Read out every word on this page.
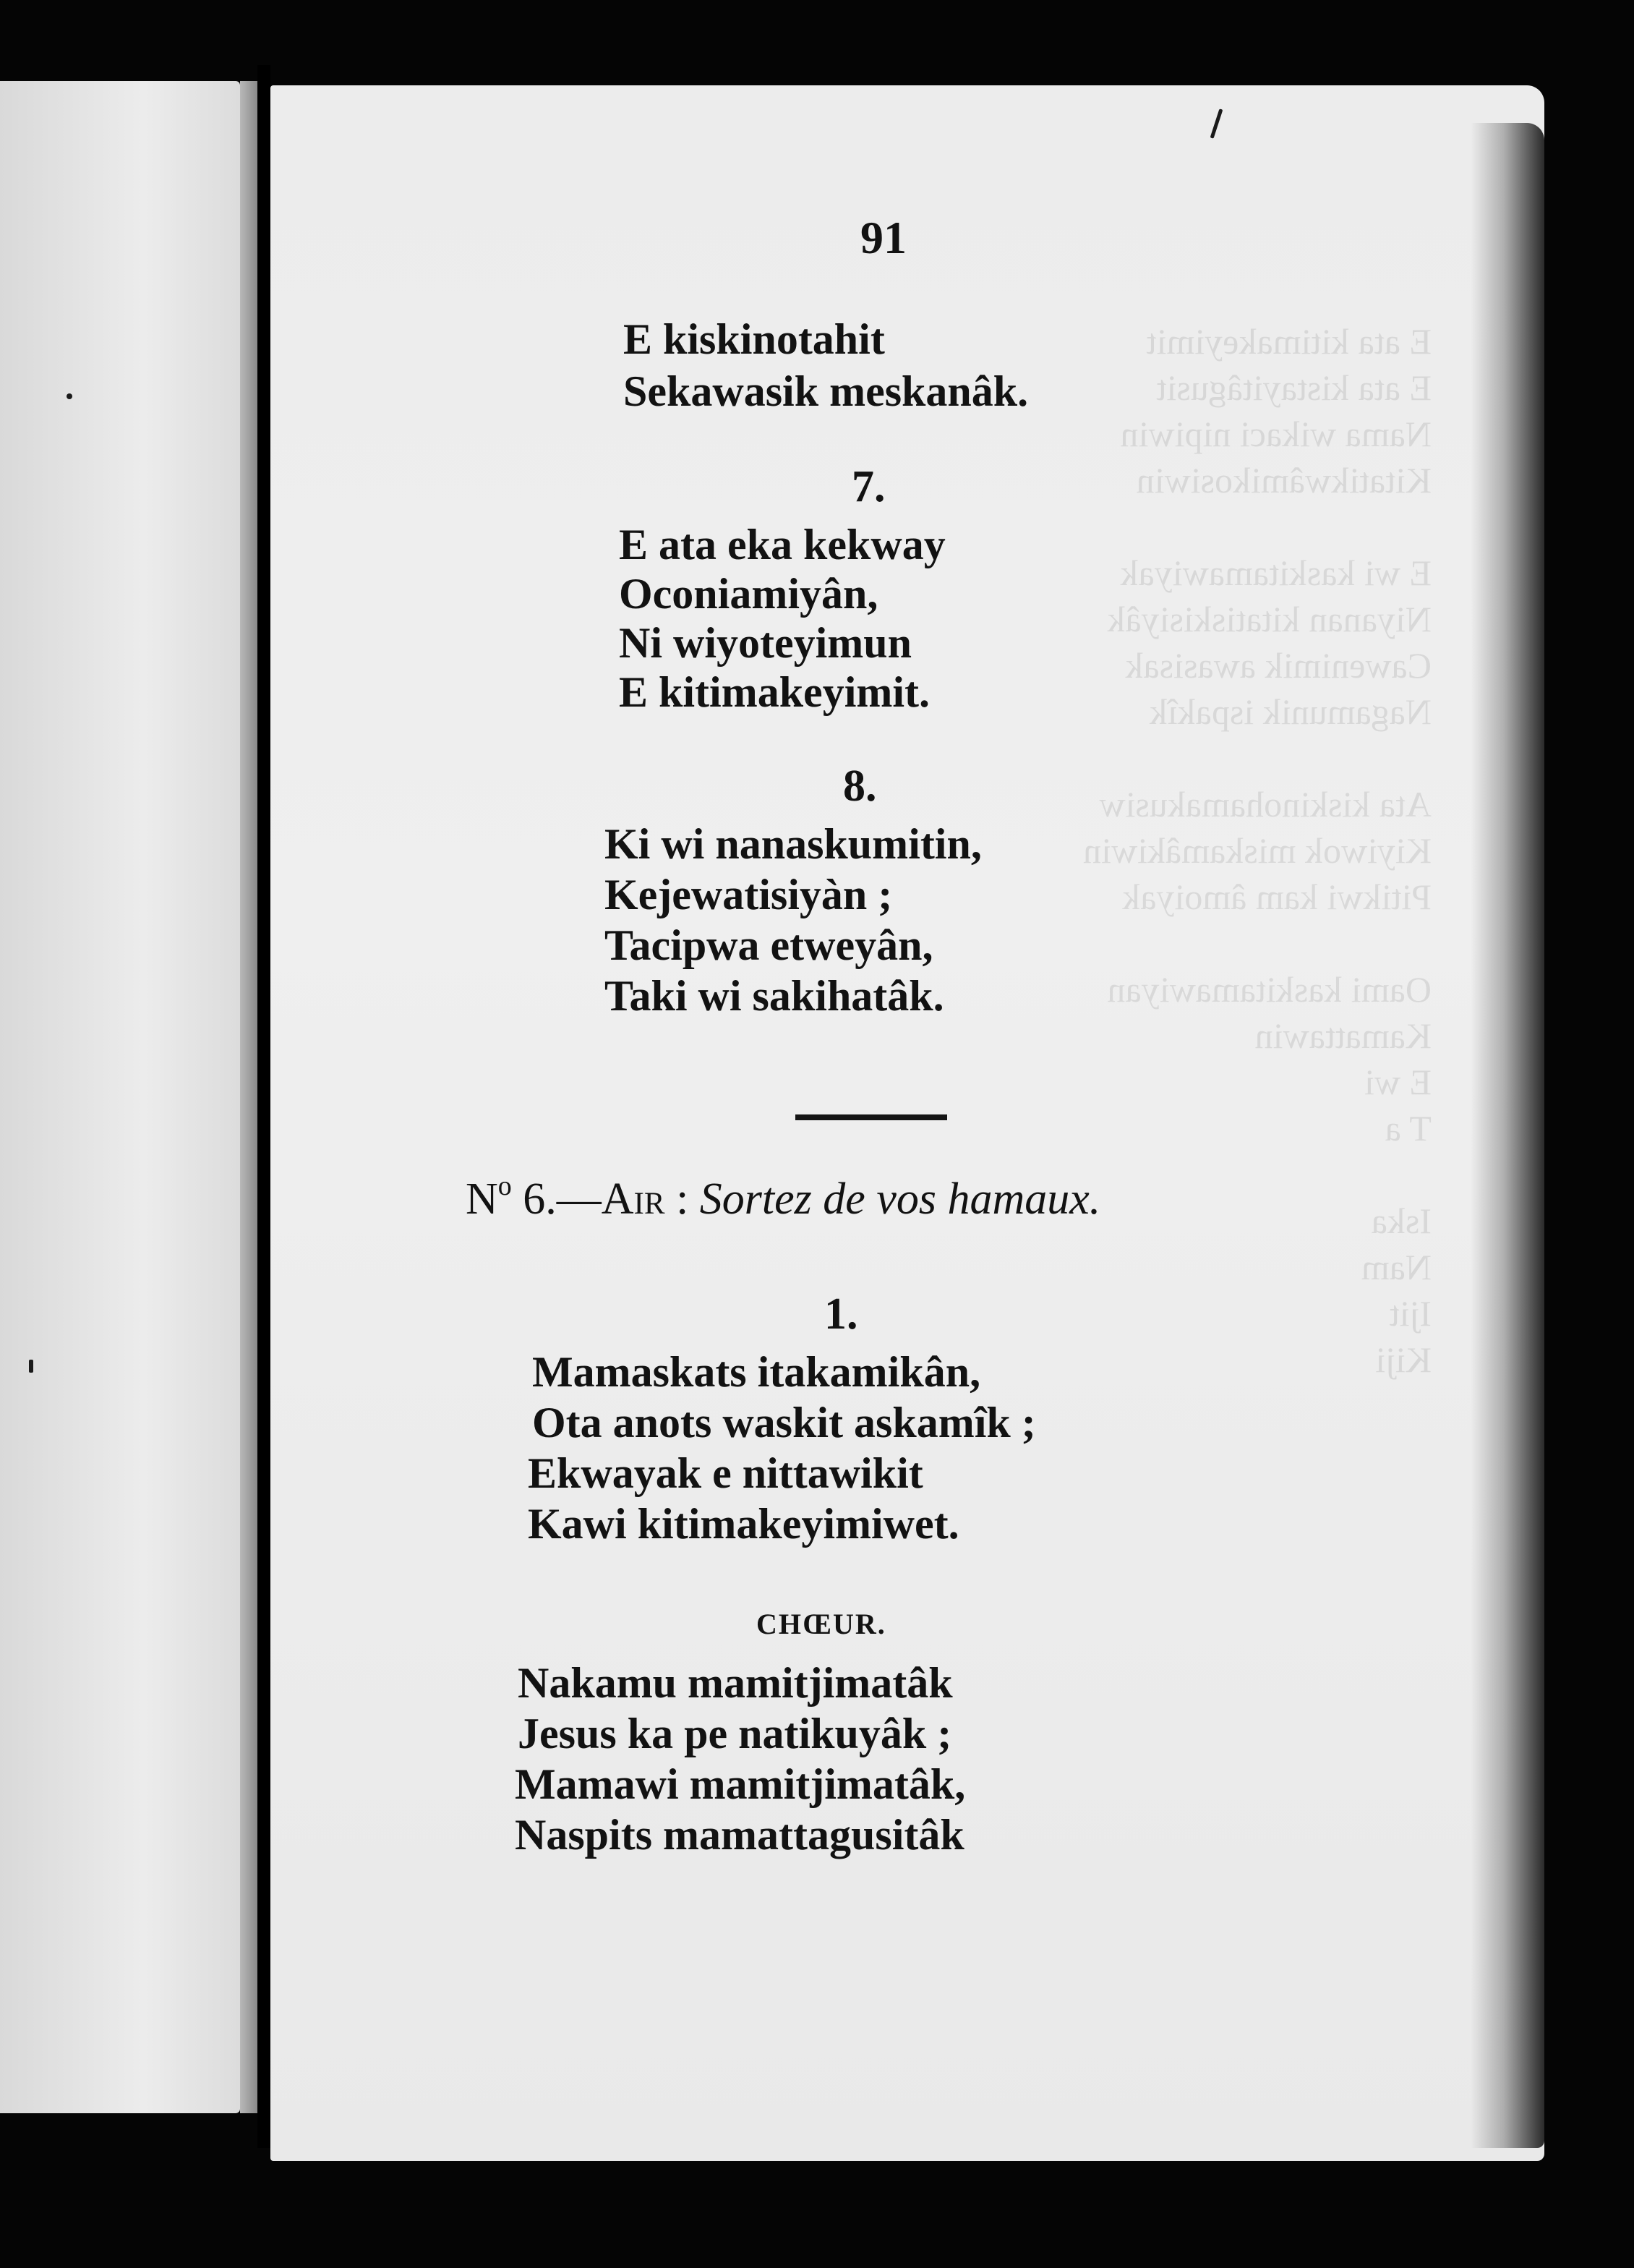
91
E kiskinotahit
Sekawasik meskanâk.
7.
E ata eka kekway
Oconiamiyân,
Ni wiyoteyimun
E kitimakeyimit.
8.
Ki wi nanaskumitin,
Kejewatisiyàn ;
Tacipwa etweyân,
Taki wi sakihatâk.
$N^o$ 6.—Air : Sortez de vos hamaux.
1.
Mamaskats itakamikân,
Ota anots waskit askamîk ;
Ekwayak e nittawikit
Kawi kitimakeyimiwet.
CHŒUR.
Nakamu mamitjimatâk
Jesus ka pe natikuyâk ;
Mamawi mamitjimatâk,
Naspits mamattagusitâk
